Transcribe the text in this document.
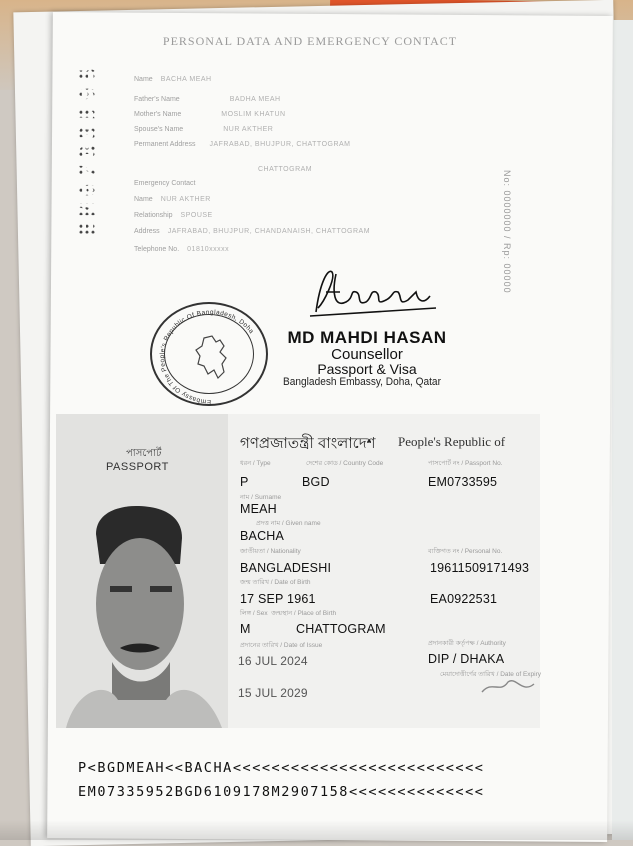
PERSONAL DATA AND EMERGENCY CONTACT
EM0733595	Name BACHA MEAH
Father's Name	BADHA MEAH
Mother's Name	MOSLIM KHATUN
Spouse's Name	NUR AKTHER
Permanent Address JAFRABAD, BHUJPUR, CHATTOGRAM
CHATTOGRAM
Emergency Contact
Name NUR AKTHER
Relationship SPOUSE
Address JAFRABAD, BHUJPUR, CHANDANAISH, CHATTOGRAM
Telephone No. 01810xxxxx	No: 0000000 / Rp: 00000
Embassy Of The People's Republic Of Bangladesh, Doha	MD MAHDI HASAN
Counsellor
Passport & Visa
Bangladesh Embassy, Doha, Qatar
পাসপোর্ট
PASSPORT
গণপ্রজাতন্ত্রী বাংলাদেশ People's Republic of
ধরন / Type	দেশের কোড / Country Code	পাসপোর্ট নং / Passport No.
P	BGD	EM0733595
নাম / Surname
MEAH
প্রদত্ত নাম / Given name
BACHA
জাতীয়তা / Nationality	ব্যক্তিগত নং / Personal No.
BANGLADESHI	19611509171493
জন্ম তারিখ / Date of Birth
17 SEP 1961	EA0922531
লিঙ্গ / Sex জন্মস্থান / Place of Birth
M	CHATTOGRAM
প্রদানের তারিখ / Date of Issue	প্রদানকারী কর্তৃপক্ষ / Authority
16 JUL 2024	DIP / DHAKA
মেয়াদোত্তীর্ণের তারিখ / Date of Expiry
15 JUL 2029
P<BGDMEAH<<BACHA<<<<<<<<<<<<<<<<<<<<<<<<<<
EM07335952BGD6109178M2907158<<<<<<<<<<<<<<
